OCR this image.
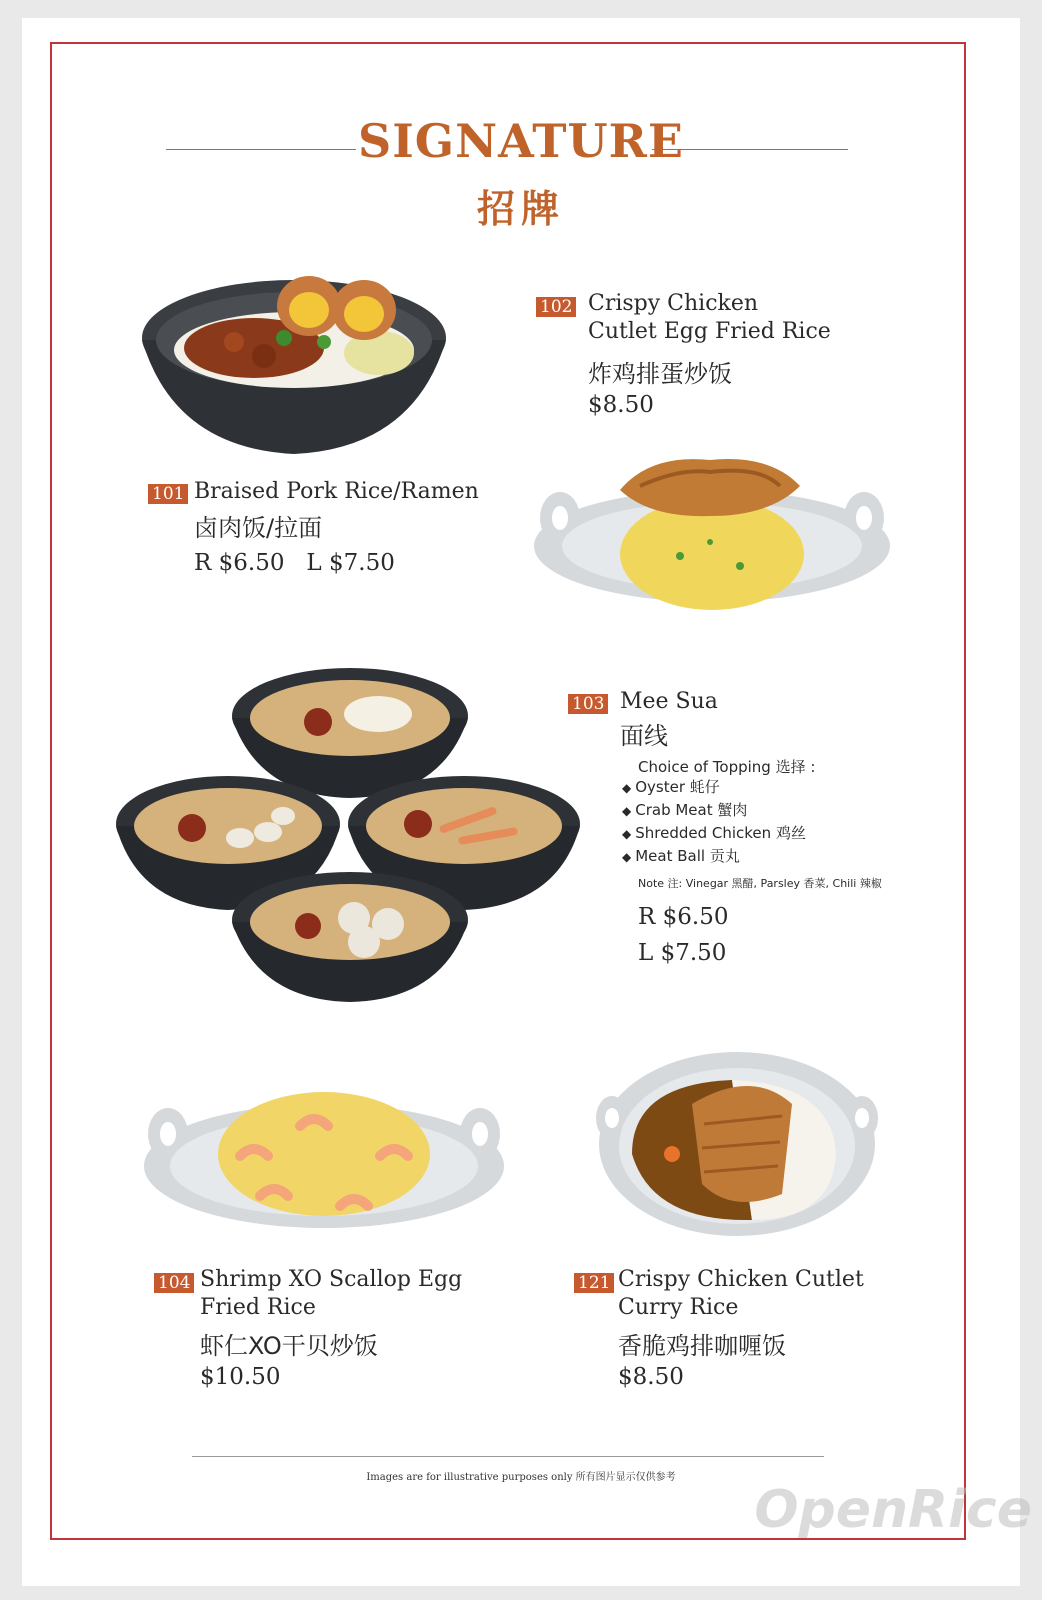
SIGNATURE
招牌
101 Braised Pork Rice/Ramen
卤肉饭/拉面
R $6.50   L $7.50
102 Crispy Chicken
Cutlet Egg Fried Rice
炸鸡排蛋炒饭
$8.50
103 Mee Sua
面线
Choice of Topping 选择 :
◆ Oyster 蚝仔
◆ Crab Meat 蟹肉
◆ Shredded Chicken 鸡丝
◆ Meat Ball 贡丸
Note 注: Vinegar 黑醋, Parsley 香菜, Chili 辣椒
R $6.50
L $7.50
104 Shrimp XO Scallop Egg
Fried Rice
虾仁XO干贝炒饭
$10.50
121 Crispy Chicken Cutlet
Curry Rice
香脆鸡排咖喱饭
$8.50
Images are for illustrative purposes only 所有图片显示仅供参考
OpenRice
